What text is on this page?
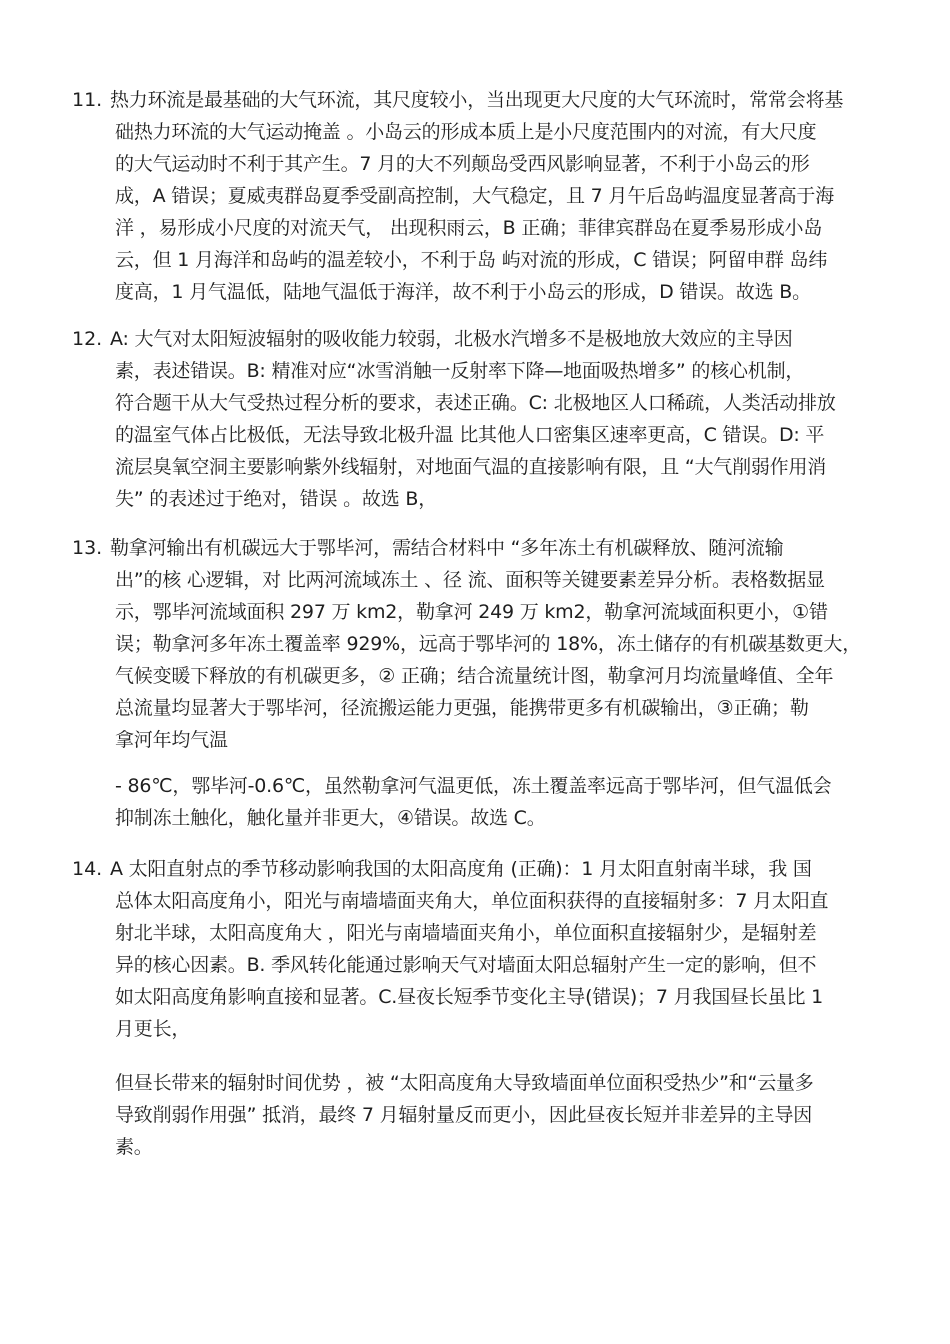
11. 热力环流是最基础的大气环流，其尺度较小，当出现更大尺度的大气环流时，常常会将基
础热力环流的大气运动掩盖 。小岛云的形成本质上是小尺度范围内的对流，有大尺度
的大气运动时不利于其产生。7 月的大不列颠岛受西风影响显著，不利于小岛云的形
成，A 错误；夏威夷群岛夏季受副高控制，大气稳定，且 7 月午后岛屿温度显著高于海
洋 ，易形成小尺度的对流天气， 出现积雨云，B 正确；菲律宾群岛在夏季易形成小岛
云，但 1 月海洋和岛屿的温差较小，不利于岛 屿对流的形成，C 错误；阿留申群 岛纬
度高，1 月气温低，陆地气温低于海洋，故不利于小岛云的形成，D 错误。故选 B。
12. A: 大气对太阳短波辐射的吸收能力较弱，北极水汽增多不是极地放大效应的主导因
素，表述错误。B: 精准对应“冰雪消触一反射率下降—地面吸热增多” 的核心机制，
符合题干从大气受热过程分析的要求，表述正确。C: 北极地区人口稀疏，人类活动排放
的温室气体占比极低，无法导致北极升温 比其他人口密集区速率更高，C 错误。D: 平
流层臭氧空洞主要影响紫外线辐射，对地面气温的直接影响有限，且 “大气削弱作用消
失” 的表述过于绝对，错误 。故选 B，
13. 勒拿河输出有机碳远大于鄂毕河，需结合材料中 “多年冻土有机碳释放、随河流输
出”的核 心逻辑，对 比两河流域冻土 、径 流、面积等关键要素差异分析。表格数据显
示，鄂毕河流域面积 297 万 km2，勒拿河 249 万 km2，勒拿河流域面积更小，①错
误；勒拿河多年冻土覆盖率 929%，远高于鄂毕河的 18%，冻土储存的有机碳基数更大，
气候变暖下释放的有机碳更多，② 正确；结合流量统计图，勒拿河月均流量峰值、全年
总流量均显著大于鄂毕河，径流搬运能力更强，能携带更多有机碳输出，③正确；勒
拿河年均气温
- 86℃，鄂毕河-0.6℃，虽然勒拿河气温更低，冻土覆盖率远高于鄂毕河，但气温低会
抑制冻土触化，触化量并非更大，④错误。故选 C。
14. A 太阳直射点的季节移动影响我国的太阳高度角 (正确)：1 月太阳直射南半球，我 国
总体太阳高度角小，阳光与南墙墙面夹角大，单位面积获得的直接辐射多：7 月太阳直
射北半球，太阳高度角大 ，阳光与南墙墙面夹角小，单位面积直接辐射少，是辐射差
异的核心因素。B. 季风转化能通过影响天气对墙面太阳总辐射产生一定的影响，但不
如太阳高度角影响直接和显著。C.昼夜长短季节变化主导(错误)；7 月我国昼长虽比 1
月更长，
但昼长带来的辐射时间优势 ，被 “太阳高度角大导致墙面单位面积受热少”和“云量多
导致削弱作用强” 抵消，最终 7 月辐射量反而更小，因此昼夜长短并非差异的主导因
素。
